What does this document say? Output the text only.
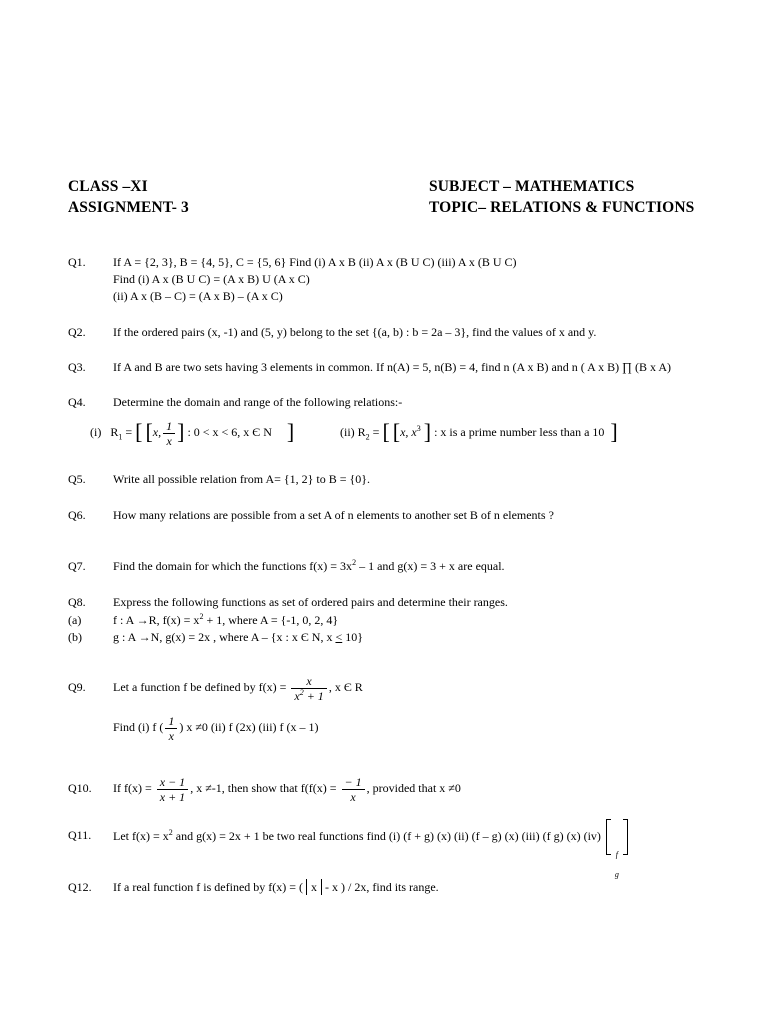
CLASS –XI
ASSIGNMENT- 3
SUBJECT – MATHEMATICS
TOPIC– RELATIONS & FUNCTIONS
Q1. If A = {2, 3}, B = {4, 5}, C = {5, 6} Find (i) A x B (ii) A x (B U C) (iii) A x (B U C)
Find (i) A x (B U C) = (A x B) U (A x C)
(ii) A x (B – C) = (A x B) – (A x C)
Q2. If the ordered pairs (x, -1) and (5, y) belong to the set {(a, b) : b = 2a – 3}, find the values of x and y.
Q3. If A and B are two sets having 3 elements in common. If n(A) = 5, n(B) = 4, find n (A x B) and n ( A x B) ∏ (B x A)
Q4. Determine the domain and range of the following relations:-
(i) $R_1$ = [ [x, $\frac{1}{x}$ ] : 0 < x < 6, x Є N ]	(ii) $R_2$ = [ [x, $x^3$ ] : x is a prime number less than a 10 ]
Q5. Write all possible relation from A= {1, 2} to B = {0}.
Q6. How many relations are possible from a set A of n elements to another set B of n elements ?
Q7. Find the domain for which the functions $f(x) = 3x^2 - 1$ and g(x) = 3 + x are equal.
Q8. Express the following functions as set of ordered pairs and determine their ranges.
(a)	f : A →R, $f(x) = x^2 + 1$, where A = {-1, 0, 2, 4}
(b)	g : A →N, g(x) = 2x , where A – {x : x Є N, x ≤ 10}
Q9. Let a function f be defined by $f(x) = \frac{x}{x^2 + 1}$ , x Є R
Find (i) f ( $\frac{1}{x}$ ) x ≠0 (ii) f (2x) (iii) f (x – 1)
Q10. If $f(x) = \frac{x - 1}{x + 1}$ , x ≠-1, then show that $f(f(x) = \frac{- 1}{x}$ , provided that x ≠0
Q11. Let $f(x) = x^2$ and g(x) = 2x + 1 be two real functions find (i) (f + g) (x) (ii) (f – g) (x) (iii) (f g) (x) (iv)
f
g
Q12. If a real function f is defined by f(x) = ( x - x ) / 2x, find its range.
